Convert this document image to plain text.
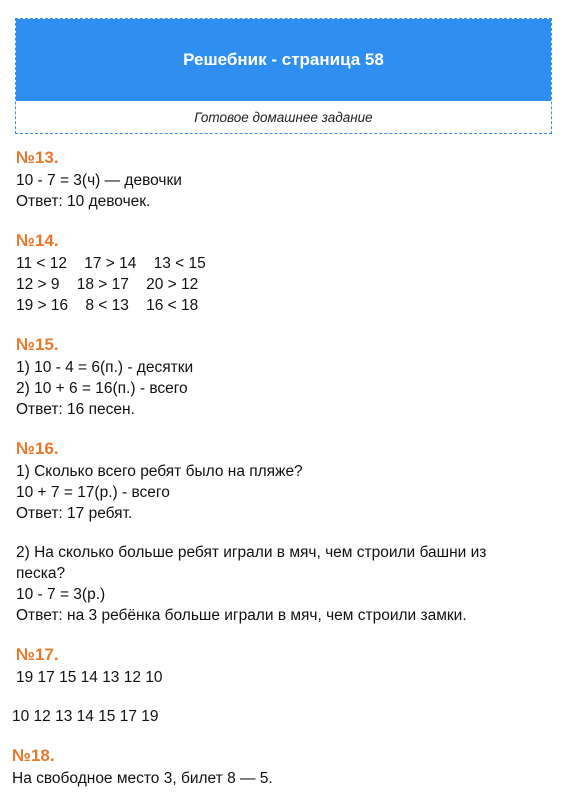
Решебник - страница 58
Готовое домашнее задание
№13.
10 - 7 = 3(ч) — девочки
Ответ: 10 девочек.
№14.
11 < 12    17 > 14    13 < 15
12 > 9    18 > 17    20 > 12
19 > 16    8 < 13    16 < 18
№15.
1) 10 - 4 = 6(п.) - десятки
2) 10 + 6 = 16(п.) - всего
Ответ: 16 песен.
№16.
1) Сколько всего ребят было на пляже?
10 + 7 = 17(р.) - всего
Ответ: 17 ребят.
2) На сколько больше ребят играли в мяч, чем строили башни из
песка?
10 - 7 = 3(р.)
Ответ: на 3 ребёнка больше играли в мяч, чем строили замки.
№17.
19 17 15 14 13 12 10
10 12 13 14 15 17 19
№18.
На свободное место 3, билет 8 — 5.
